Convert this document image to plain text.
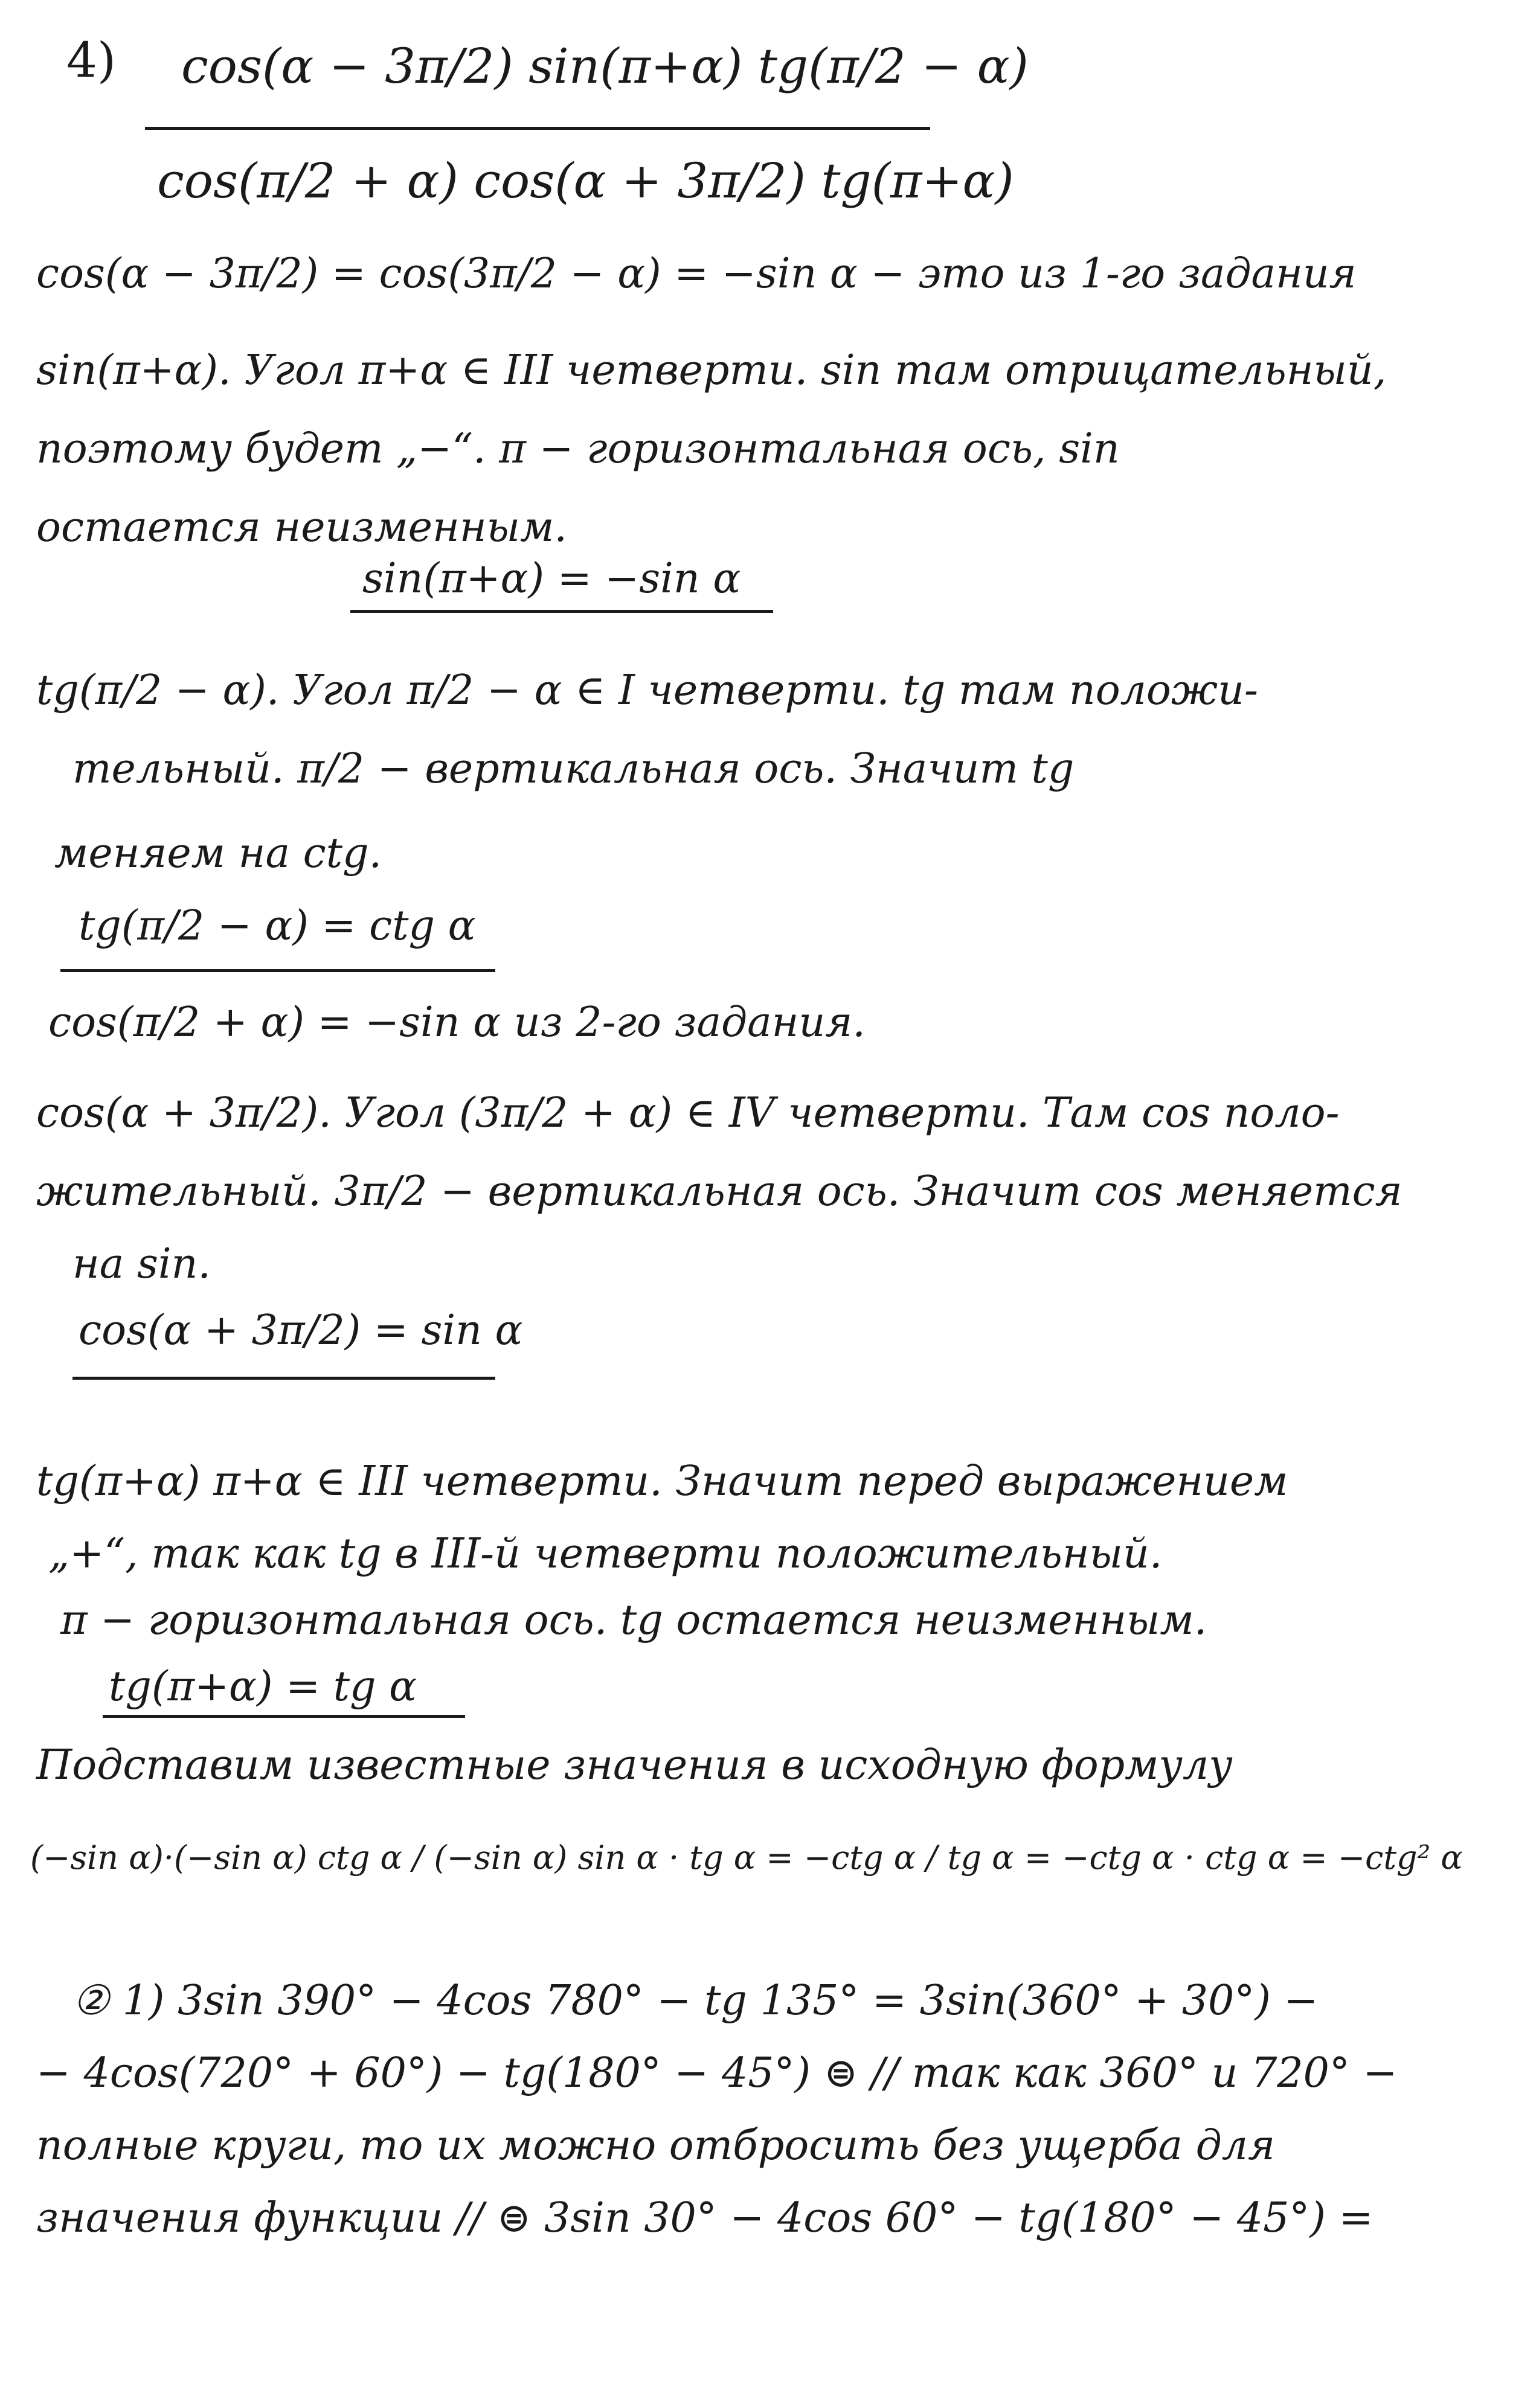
4) cos(α − 3π/2) sin(π+α) tg(π/2 − α)
cos(π/2 + α) cos(α + 3π/2) tg(π+α)
cos(α − 3π/2) = cos(3π/2 − α) = −sin α − это из 1-го задания
sin(π+α). Угол π+α ∈ III четверти. sin там отрицательный,
поэтому будет „−“. π − горизонтальная ось, sin
остается неизменным.
sin(π+α) = −sin α
tg(π/2 − α). Угол π/2 − α ∈ I четверти. tg там положи-
тельный. π/2 − вертикальная ось. Значит tg
меняем на ctg.
tg(π/2 − α) = ctg α
cos(π/2 + α) = −sin α из 2-го задания.
cos(α + 3π/2). Угол (3π/2 + α) ∈ IV четверти. Там cos поло-
жительный. 3π/2 − вертикальная ось. Значит cos меняется
на sin.
cos(α + 3π/2) = sin α
tg(π+α) π+α ∈ III четверти. Значит перед выражением
„+“, так как tg в III-й четверти положительный.
π − горизонтальная ось. tg остается неизменным.
tg(π+α) = tg α
Подставим известные значения в исходную формулу
(−sin α)·(−sin α) ctg α / (−sin α) sin α · tg α = −ctg α / tg α = −ctg α · ctg α = −ctg² α
② 1) 3sin 390° − 4cos 780° − tg 135° = 3sin(360° + 30°) −
− 4cos(720° + 60°) − tg(180° − 45°) ⊜ // так как 360° и 720° −
полные круги, то их можно отбросить без ущерба для
значения функции // ⊜ 3sin 30° − 4cos 60° − tg(180° − 45°) =
